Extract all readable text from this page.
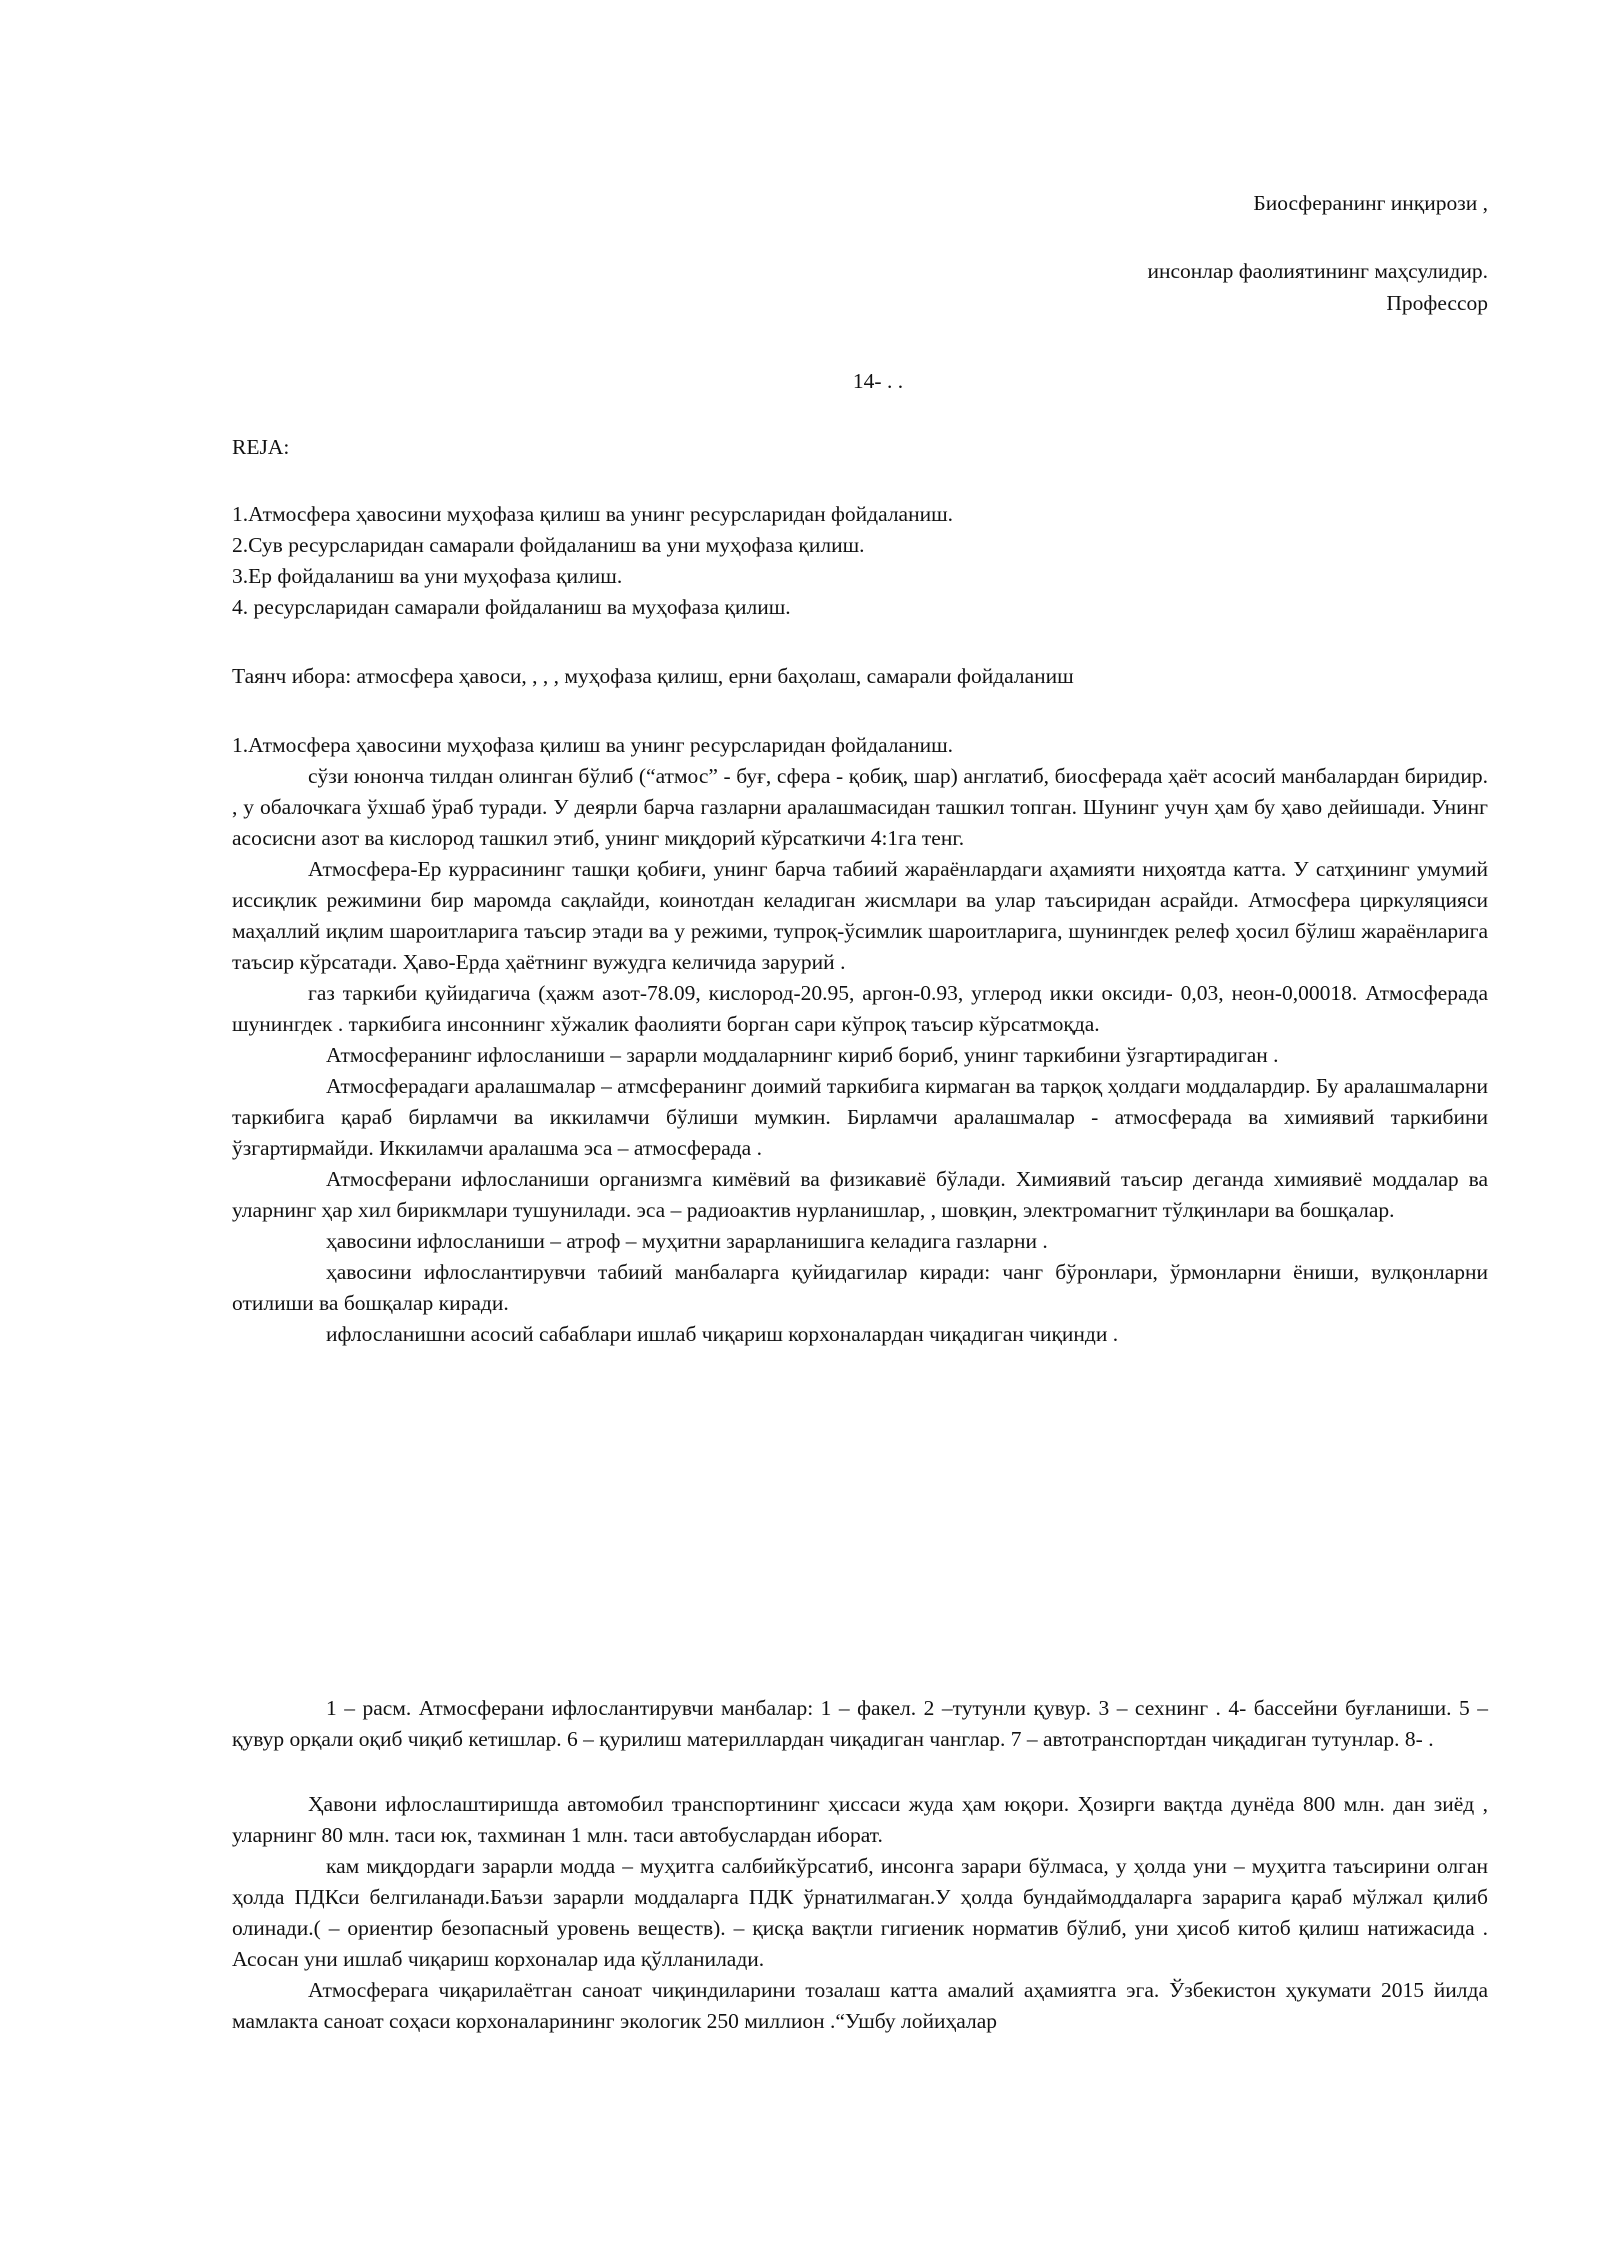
Биосферанинг инқирози ,
инсонлар фаолиятининг маҳсулидир.
Профессор
14- . .
REJA:

1.Атмосфера ҳавосини муҳофаза қилиш ва унинг ресурсларидан фойдаланиш.

2.Сув ресурсларидан самарали фойдаланиш ва уни муҳофаза қилиш.

3.Ер фойдаланиш ва уни муҳофаза қилиш.

4. ресурсларидан самарали фойдаланиш ва муҳофаза қилиш.

Таянч ибора: атмосфера ҳавоси, , , , муҳофаза қилиш, ерни баҳолаш, самарали фойдаланиш

1.Атмосфера ҳавосини муҳофаза қилиш ва унинг ресурсларидан фойдаланиш.

сўзи юнонча тилдан олинган бўлиб (“атмос” - буғ, сфера - қобиқ, шар) англатиб, биосферада ҳаёт асосий манбалардан биридир. , у обалочкага ўхшаб ўраб туради. У деярли барча газларни аралашмасидан ташкил топган. Шунинг учун ҳам бу ҳаво дейишади. Унинг асосисни азот ва кислород ташкил этиб, унинг миқдорий кўрсаткичи 4:1га тенг.

Атмосфера-Ер куррасининг ташқи қобиғи, унинг барча табиий жараёнлардаги аҳамияти ниҳоятда катта. У сатҳининг умумий иссиқлик режимини бир маромда сақлайди, коинотдан келадиган жисмлари ва улар таъсиридан асрайди. Атмосфера циркуляцияси маҳаллий иқлим шароитларига таъсир этади ва у режими, тупроқ-ўсимлик шароитларига, шунингдек релеф ҳосил бўлиш жараёнларига таъсир кўрсатади. Ҳаво-Ерда ҳаётнинг вужудга келичида зарурий .

газ таркиби қуйидагича (ҳажм азот-78.09, кислород-20.95, аргон-0.93, углерод икки оксиди- 0,03, неон-0,00018. Атмосферада шунингдек . таркибига инсоннинг хўжалик фаолияти борган сари кўпроқ таъсир кўрсатмоқда.

Атмосферанинг ифлосланиши – зарарли моддаларнинг кириб бориб, унинг таркибини ўзгартирадиган .

Атмосферадаги аралашмалар – атмсферанинг доимий таркибига кирмаган ва тарқоқ ҳолдаги моддалардир. Бу аралашмаларни таркибига қараб бирламчи ва иккиламчи бўлиши мумкин. Бирламчи аралашмалар - атмосферада ва химиявий таркибини ўзгартирмайди. Иккиламчи аралашма эса – атмосферада .

Атмосферани ифлосланиши организмга кимёвий ва физикавиё бўлади. Химиявий таъсир деганда химиявиё моддалар ва уларнинг ҳар хил бирикмлари тушунилади. эса – радиоактив нурланишлар, , шовқин, электромагнит тўлқинлари ва бошқалар.

ҳавосини ифлосланиши – атроф – муҳитни зарарланишига келадига газларни .

ҳавосини ифлослантирувчи табиий манбаларга қуйидагилар киради: чанг бўронлари, ўрмонларни ёниши, вулқонларни отилиши ва бошқалар киради.

ифлосланишни асосий сабаблари ишлаб чиқариш корхоналардан чиқадиган чиқинди .

1 – расм. Атмосферани ифлослантирувчи манбалар: 1 – факел. 2 –тутунли қувур. 3 – сехнинг . 4- бассейни буғланиши. 5 – қувур орқали оқиб чиқиб кетишлар. 6 – қурилиш материллардан чиқадиган чанглар. 7 – автотранспортдан чиқадиган тутунлар. 8- .

Ҳавони ифлослаштиришда автомобил транспортининг ҳиссаси жуда ҳам юқори. Ҳозирги вақтда дунёда 800 млн. дан зиёд , уларнинг 80 млн. таси юк, тахминан 1 млн. таси автобуслардан иборат.

кам миқдордаги зарарли модда – муҳитга салбийкўрсатиб, инсонга зарари бўлмаса, у ҳолда уни – муҳитга таъсирини олган ҳолда ПДКси белгиланади.Баъзи зарарли моддаларга ПДК ўрнатилмаган.У ҳолда бундаймоддаларга зарарига қараб мўлжал қилиб олинади.( – ориентир безопасный уровень веществ). – қисқа вақтли гигиеник норматив бўлиб, уни ҳисоб китоб қилиш натижасида . Асосан уни ишлаб чиқариш корхоналар ида қўлланилади.

Атмосферага чиқарилаётган саноат чиқиндиларини тозалаш катта амалий аҳамиятга эга. Ўзбекистон ҳукумати 2015 йилда мамлакта саноат соҳаси корхоналарининг экологик 250 миллион .“Ушбу лойиҳалар
